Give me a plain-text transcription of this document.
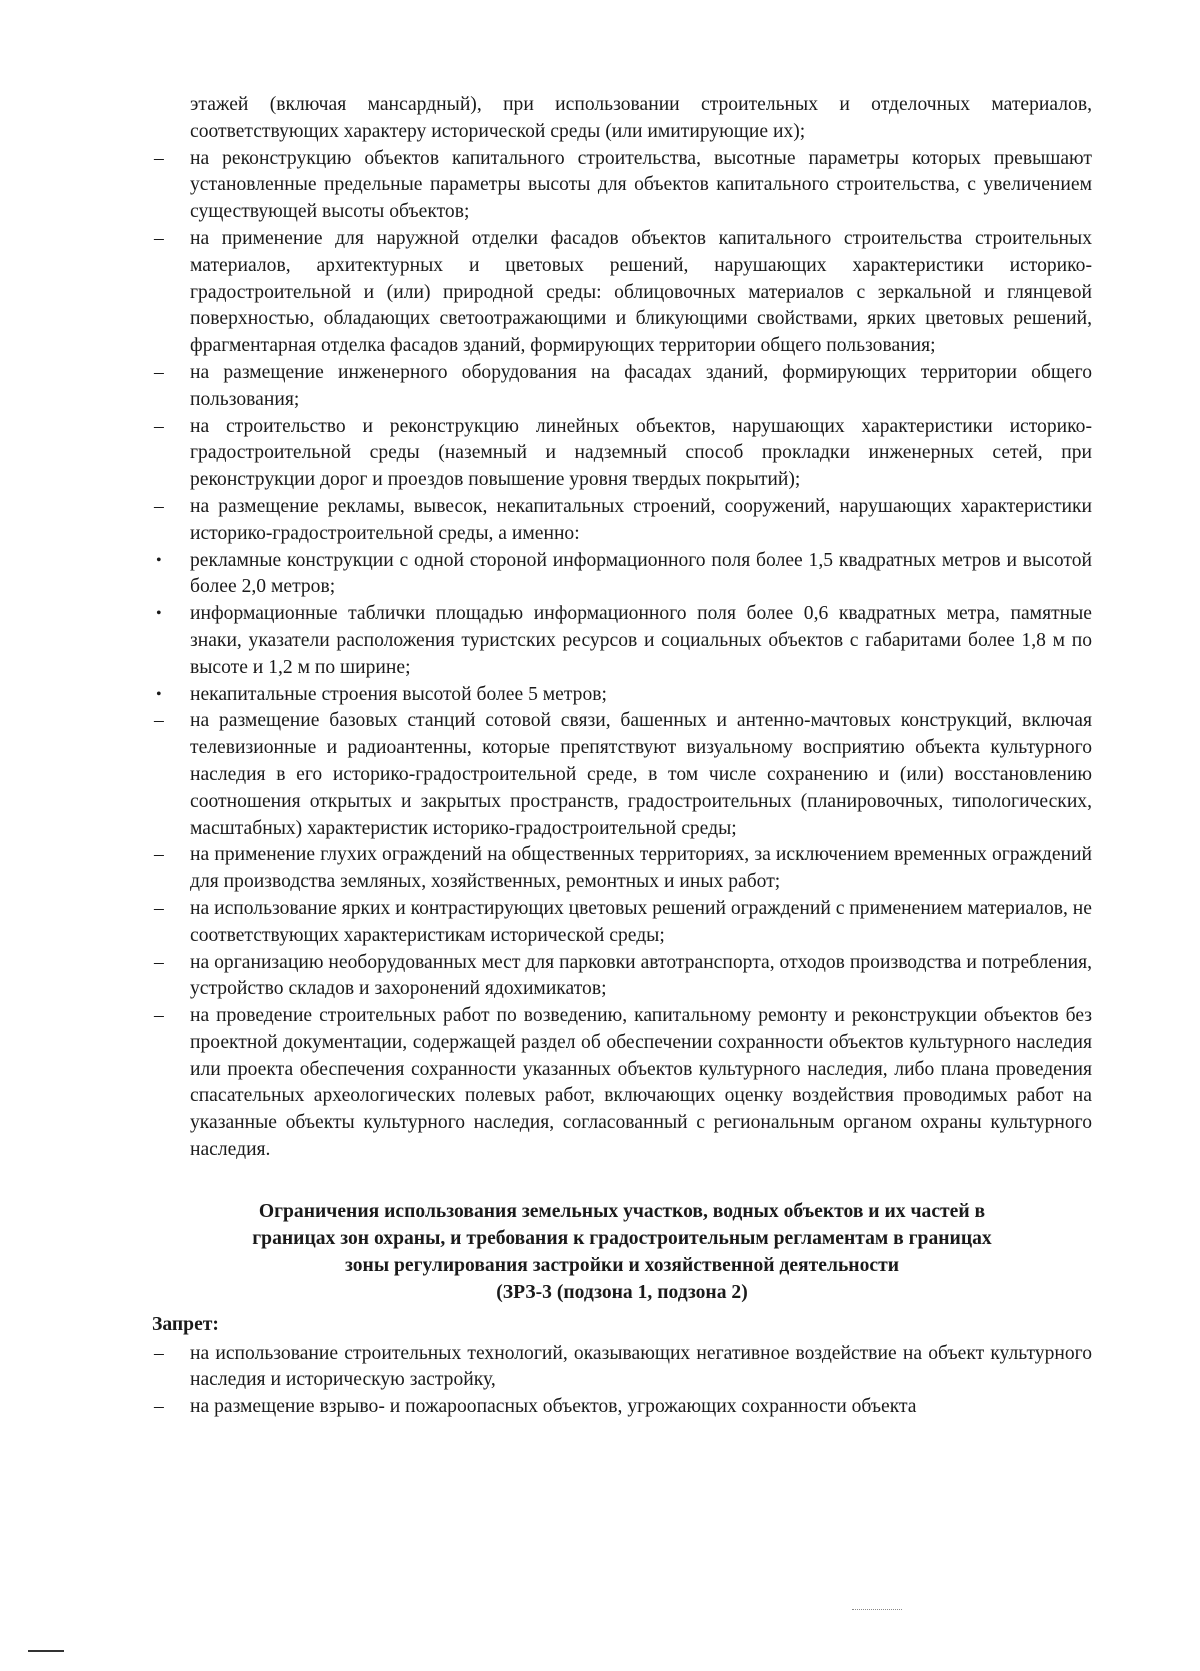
этажей (включая мансардный), при использовании строительных и отделочных материалов, соответствующих характеру исторической среды (или имитирующие их);

–	на реконструкцию объектов капитального строительства, высотные параметры которых превышают установленные предельные параметры высоты для объектов капитального строительства, с увеличением существующей высоты объектов;

–	на применение для наружной отделки фасадов объектов капитального строительства строительных материалов, архитектурных и цветовых решений, нарушающих характеристики историко-градостроительной и (или) природной среды: облицовочных материалов с зеркальной и глянцевой поверхностью, обладающих светоотражающими и бликующими свойствами, ярких цветовых решений, фрагментарная отделка фасадов зданий, формирующих территории общего пользования;

–	на размещение инженерного оборудования на фасадах зданий, формирующих территории общего пользования;

–	на строительство и реконструкцию линейных объектов, нарушающих характеристики историко-градостроительной среды (наземный и надземный способ прокладки инженерных сетей, при реконструкции дорог и проездов повышение уровня твердых покрытий);

–	на размещение рекламы, вывесок, некапитальных строений, сооружений, нарушающих характеристики историко-градостроительной среды, а именно:

•	рекламные конструкции с одной стороной информационного поля более 1,5 квадратных метров и высотой более 2,0 метров;

•	информационные таблички площадью информационного поля более 0,6 квадратных метра, памятные знаки, указатели расположения туристских ресурсов и социальных объектов с габаритами более 1,8 м по высоте и 1,2 м по ширине;

•	некапитальные строения высотой более 5 метров;

–	на размещение базовых станций сотовой связи, башенных и антенно-мачтовых конструкций, включая телевизионные и радиоантенны, которые препятствуют визуальному восприятию объекта культурного наследия в его историко-градостроительной среде, в том числе сохранению и (или) восстановлению соотношения открытых и закрытых пространств, градостроительных (планировочных, типологических, масштабных) характеристик историко-градостроительной среды;

–	на применение глухих ограждений на общественных территориях, за исключением временных ограждений для производства земляных, хозяйственных, ремонтных и иных работ;

–	на использование ярких и контрастирующих цветовых решений ограждений с применением материалов, не соответствующих характеристикам исторической среды;

–	на организацию необорудованных мест для парковки автотранспорта, отходов производства и потребления, устройство складов и захоронений ядохимикатов;

–	на проведение строительных работ по возведению, капитальному ремонту и реконструкции объектов без проектной документации, содержащей раздел об обеспечении сохранности объектов культурного наследия или проекта обеспечения сохранности указанных объектов культурного наследия, либо плана проведения спасательных археологических полевых работ, включающих оценку воздействия проводимых работ на указанные объекты культурного наследия, согласованный с региональным органом охраны культурного наследия.

Ограничения использования земельных участков, водных объектов и их частей в
границах зон охраны, и требования к градостроительным регламентам в границах
зоны регулирования застройки и хозяйственной деятельности
(ЗРЗ-3 (подзона 1, подзона 2)
Запрет:

–	на использование строительных технологий, оказывающих негативное воздействие на объект культурного наследия и историческую застройку,

–	на размещение взрыво- и пожароопасных объектов, угрожающих сохранности объекта
